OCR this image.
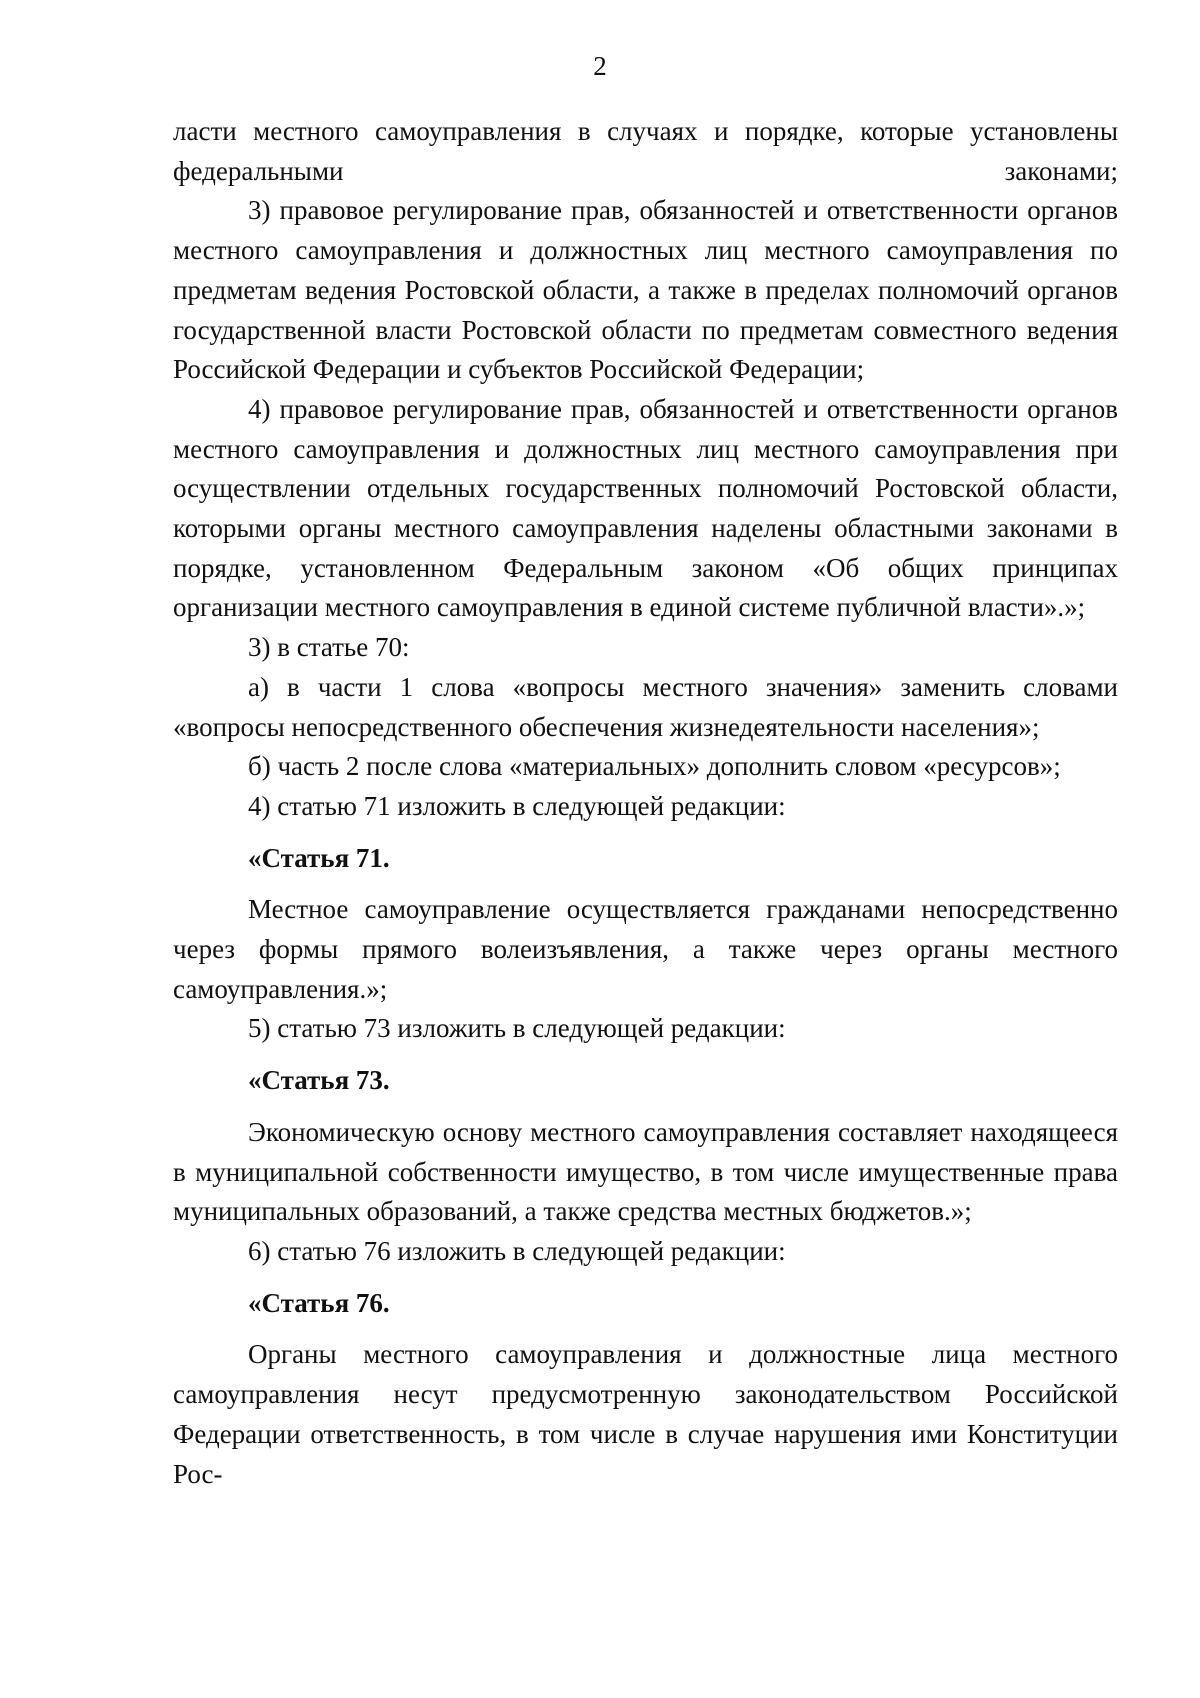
2

ласти местного самоуправления в случаях и порядке, которые установлены федеральными законами;

3) правовое регулирование прав, обязанностей и ответственности органов местного самоуправления и должностных лиц местного самоуправления по предметам ведения Ростовской области, а также в пределах полномочий органов государственной власти Ростовской области по предметам совместного ведения Российской Федерации и субъектов Российской Федерации;

4) правовое регулирование прав, обязанностей и ответственности органов местного самоуправления и должностных лиц местного самоуправления при осуществлении отдельных государственных полномочий Ростовской области, которыми органы местного самоуправления наделены областными законами в порядке, установленном Федеральным законом «Об общих принципах организации местного самоуправления в единой системе публичной власти».»;

3) в статье 70:

а) в части 1 слова «вопросы местного значения» заменить словами «вопросы непосредственного обеспечения жизнедеятельности населения»;

б) часть 2 после слова «материальных» дополнить словом «ресурсов»;

4) статью 71 изложить в следующей редакции:

«Статья 71.

Местное самоуправление осуществляется гражданами непосредственно через формы прямого волеизъявления, а также через органы местного самоуправления.»;

5) статью 73 изложить в следующей редакции:

«Статья 73.

Экономическую основу местного самоуправления составляет находящееся в муниципальной собственности имущество, в том числе имущественные права муниципальных образований, а также средства местных бюджетов.»;

6) статью 76 изложить в следующей редакции:

«Статья 76.

Органы местного самоуправления и должностные лица местного самоуправления несут предусмотренную законодательством Российской Федерации ответственность, в том числе в случае нарушения ими Конституции Рос-
